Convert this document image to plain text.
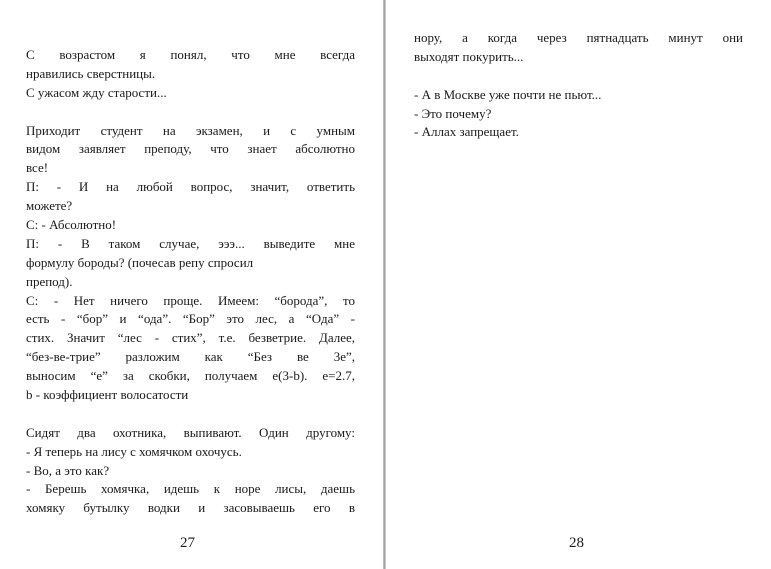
С возрастом я понял, что мне всегда
нравились сверстницы.
С ужасом жду старости...
Приходит студент на экзамен, и с умным
видом заявляет преподу, что знает абсолютно
все!
П: - И на любой вопрос, значит, ответить
можете?
С: - Абсолютно!
П: - В таком случае, эээ... выведите мне
формулу бороды? (почесав репу спросил
препод).
С: - Нет ничего проще. Имеем: “борода”, то
есть - “бор” и “ода”. “Бор” это лес, а “Ода” -
стих. Значит “лес - стих”, т.е. безветрие. Далее,
“без-ве-трие” разложим как “Без ве 3е”,
выносим “е” за скобки, получаем е(3-b). е=2.7,
b - коэффициент волосатости
Сидят два охотника, выпивают. Один другому:
- Я теперь на лису с хомячком охочусь.
- Во, а это как?
- Берешь хомячка, идешь к норе лисы, даешь
хомяку бутылку водки и засовываешь его в
27
нору, а когда через пятнадцать минут они
выходят покурить...
- А в Москве уже почти не пьют...
- Это почему?
- Аллах запрещает.
28
